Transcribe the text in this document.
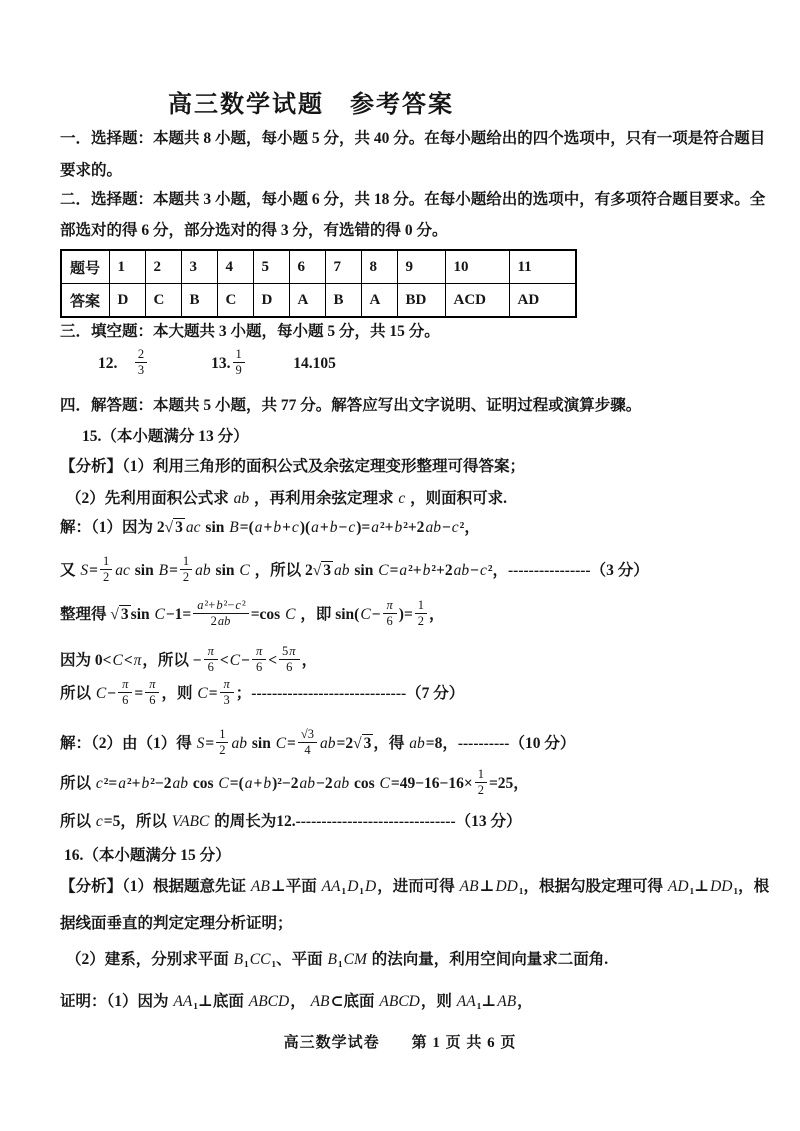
高三数学试题　参考答案
一．选择题：本题共 8 小题，每小题 5 分，共 40 分。在每小题给出的四个选项中，只有一项是符合题目
要求的。
二．选择题：本题共 3 小题，每小题 6 分，共 18 分。在每小题给出的选项中，有多项符合题目要求。全
部选对的得 6 分，部分选对的得 3 分，有选错的得 0 分。
题号	1	2	3	4	5	6	7	8	9	10	11
答案	D	C	B	C	D	A	B	A	BD	ACD	AD
三．填空题：本大题共 3 小题，每小题 5 分，共 15 分。
12.　 $\frac{2}{3}$ 　　　　13. $\frac{1}{9}$ 　　　14.105
四．解答题：本题共 5 小题，共 77 分。解答应写出文字说明、证明过程或演算步骤。
15.（本小题满分 13 分）
【分析】（1）利用三角形的面积公式及余弦定理变形整理可得答案；
（2）先利用面积公式求 ab ，再利用余弦定理求 c ，则面积可求.
解：（1）因为 2√ 3 ac sin B=(a+b+c)(a+b−c)=a²+b²+2ab−c²，
又 $S= \frac{1}{2}$ ac $\sin B= \frac{1}{2}$ ab sin C ，所以 2√ 3 ab sin C=a²+b²+2ab−c²，----------------（3 分）
整理得 √ 3 $\sin C-1= \frac{\text{a²+b²−c²}}{2ab} =\cos$ C ，即 $\sin(C- \frac{\pi}{6}$ )= $\frac{1}{2}$ ，
因为 0<C<π，所以 − $\frac{\pi}{6} <C- \frac{\pi}{6} < \frac{5\pi}{6}$ ，
所以 $C- \frac{\pi}{6} = \frac{\pi}{6}$ ，则 $C= \frac{\pi}{3}$ ；------------------------------（7 分）
解：（2）由（1）得 $S= \frac{1}{2}$ ab $\sin C= \frac{√3}{4} ab=2√$ 3 ，得 ab=8，----------（10 分）
所以 c²=a²+b²−2ab cos C=(a+b)²−2ab−2ab $\cos C=49-16-16\times \frac{1}{2} =25$，
所以 c=5，所以 VABC 的周长为12.-------------------------------（13 分）
16.（本小题满分 15 分）
【分析】（1）根据题意先证 AB⊥平面 AA₁D₁D，进而可得 AB⊥DD₁，根据勾股定理可得 AD₁⊥DD₁，根
据线面垂直的判定定理分析证明；
（2）建系，分别求平面 B₁CC₁、平面 B₁CM 的法向量，利用空间向量求二面角.
证明：（1）因为 AA₁⊥底面 ABCD， AB⊂底面 ABCD，则 AA₁⊥AB，
高三数学试卷　　第 1 页 共 6 页
